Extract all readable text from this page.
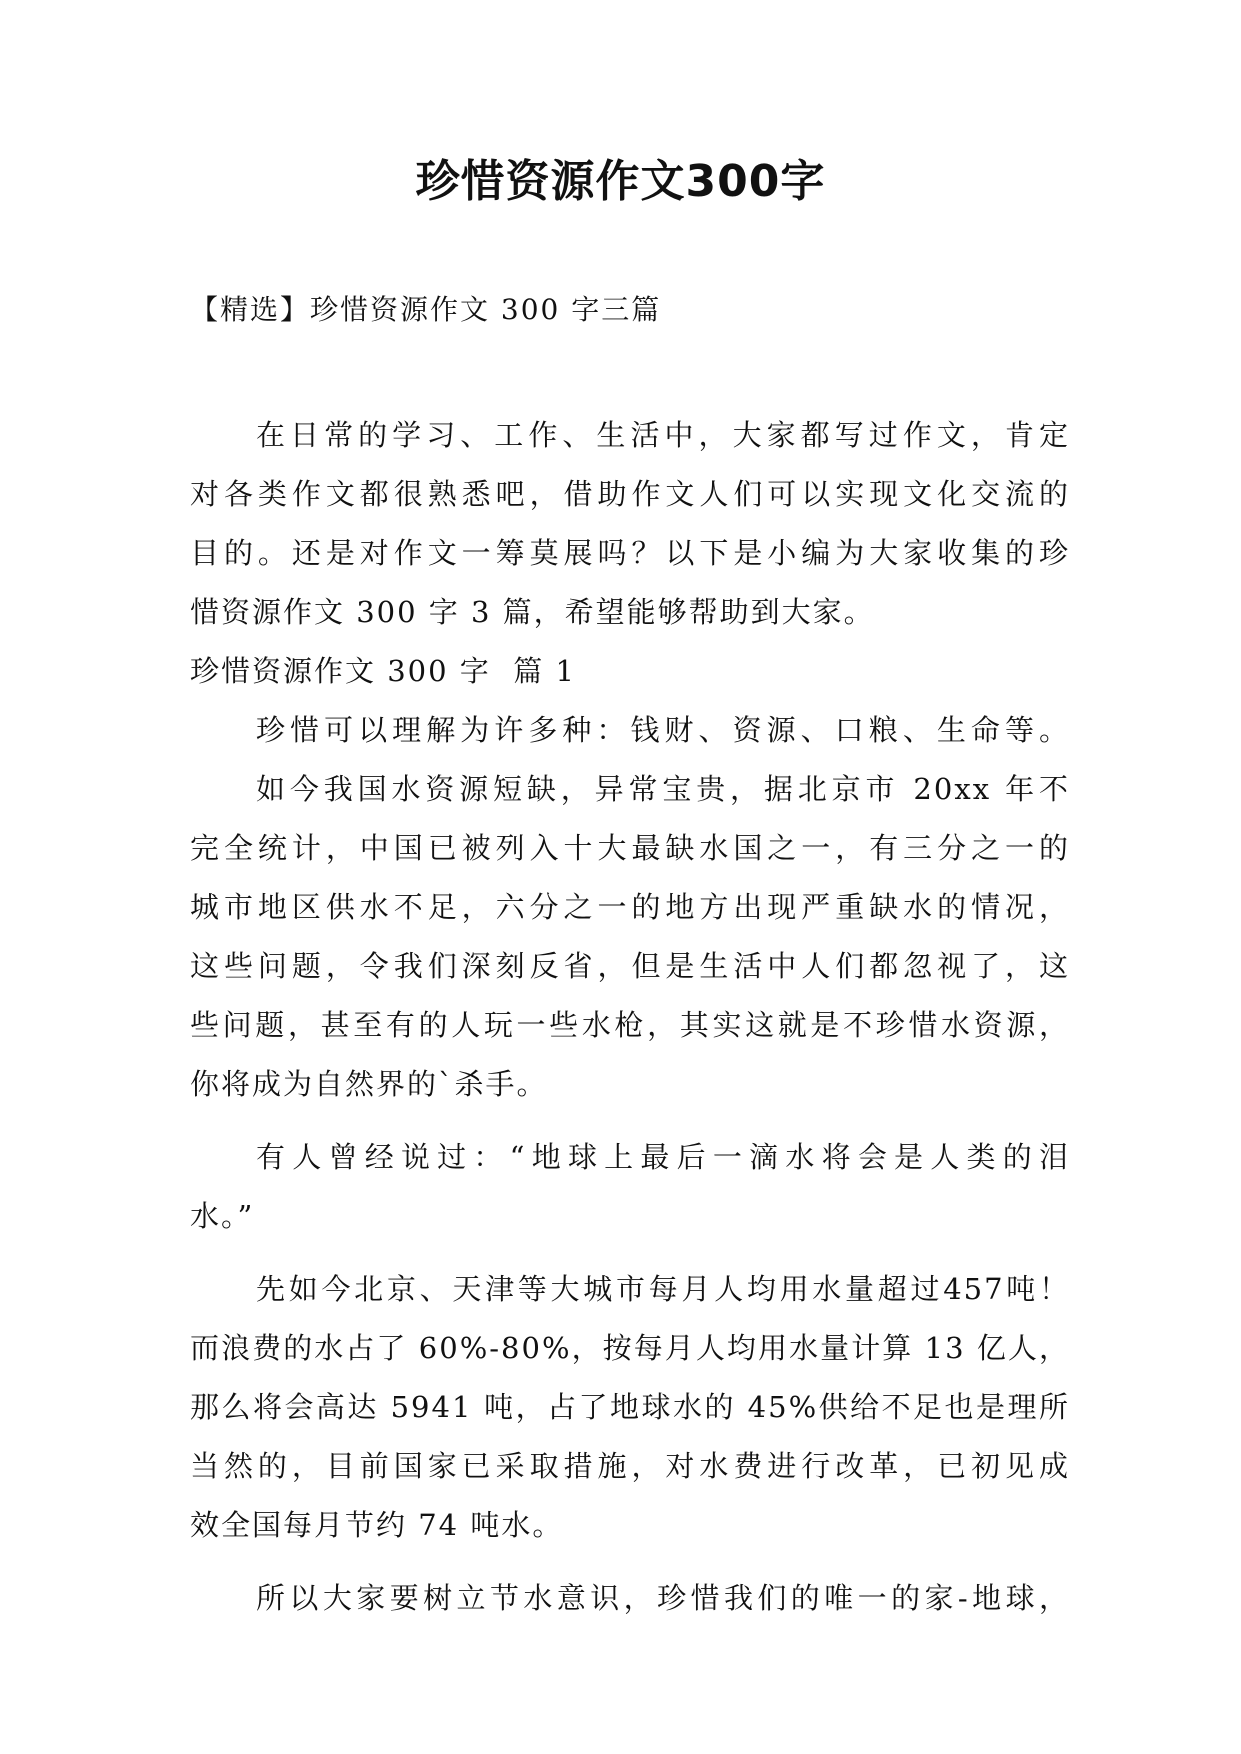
珍惜资源作文300字
【精选】珍惜资源作文 300 字三篇
在日常的学习、工作、生活中，大家都写过作文，肯定
对各类作文都很熟悉吧，借助作文人们可以实现文化交流的
目的。还是对作文一筹莫展吗？以下是小编为大家收集的珍
惜资源作文 300 字 3 篇，希望能够帮助到大家。
珍惜资源作文 300 字  篇 1
珍惜可以理解为许多种：钱财、资源、口粮、生命等。
如今我国水资源短缺，异常宝贵，据北京市 20xx 年不
完全统计，中国已被列入十大最缺水国之一，有三分之一的
城市地区供水不足，六分之一的地方出现严重缺水的情况，
这些问题，令我们深刻反省，但是生活中人们都忽视了，这
些问题，甚至有的人玩一些水枪，其实这就是不珍惜水资源，
你将成为自然界的`杀手。
有人曾经说过：“地球上最后一滴水将会是人类的泪
水。”
先如今北京、天津等大城市每月人均用水量超过457吨！
而浪费的水占了 60%-80%，按每月人均用水量计算 13 亿人，
那么将会高达 5941 吨，占了地球水的 45%供给不足也是理所
当然的，目前国家已采取措施，对水费进行改革，已初见成
效全国每月节约 74 吨水。
所以大家要树立节水意识，珍惜我们的唯一的家-地球，
